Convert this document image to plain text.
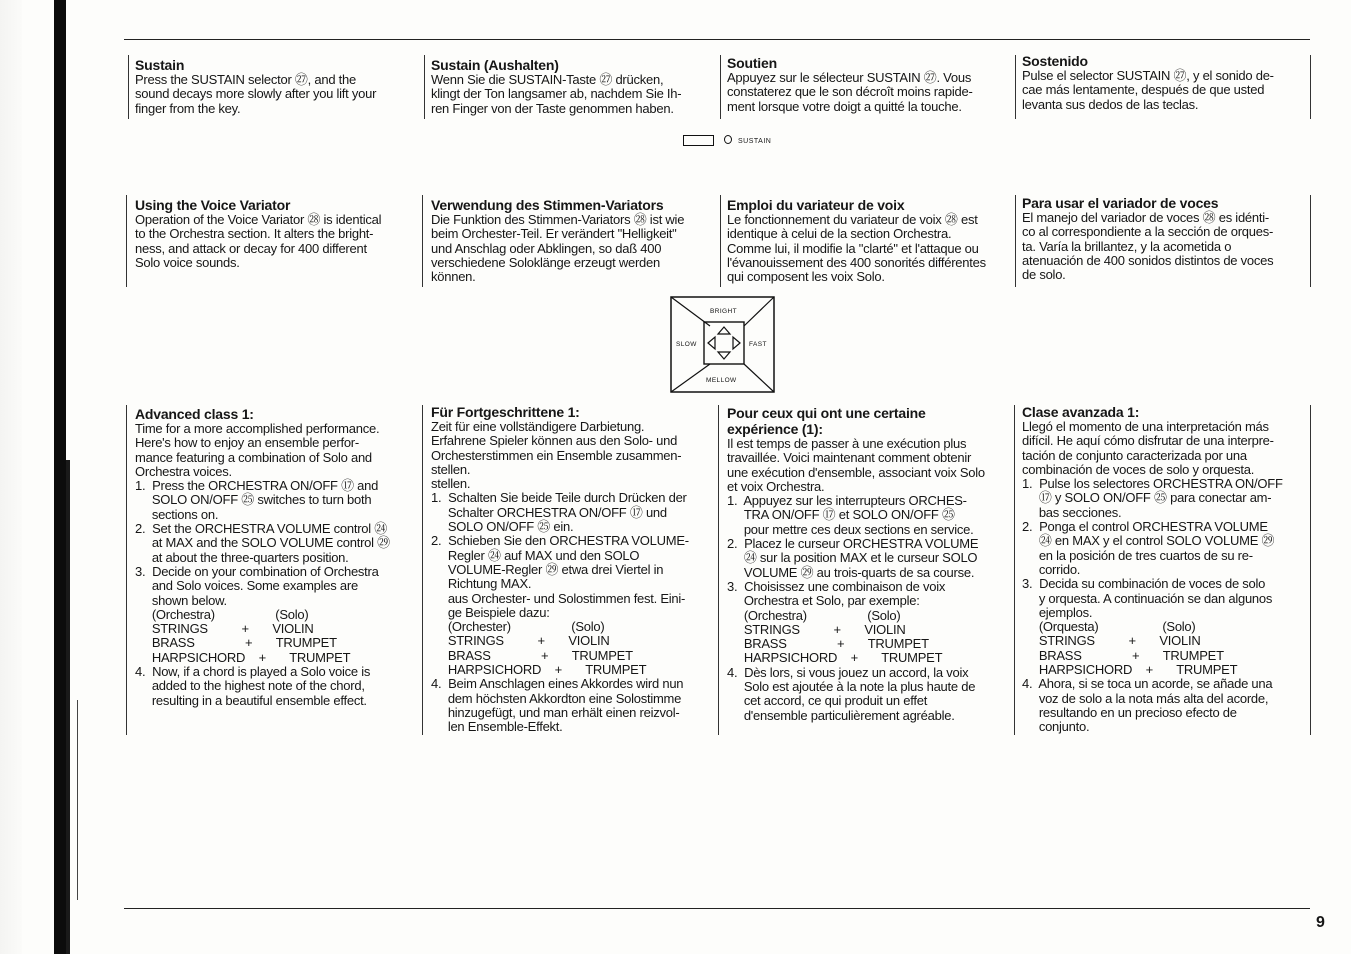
Sustain
Press the SUSTAIN selector ㉗, and the
sound decays more slowly after you lift your
finger from the key.
Sustain (Aushalten)
Wenn Sie die SUSTAIN-Taste ㉗ drücken,
klingt der Ton langsamer ab, nachdem Sie Ih-
ren Finger von der Taste genommen haben.
Soutien
Appuyez sur le sélecteur SUSTAIN ㉗. Vous
constaterez que le son décroît moins rapide-
ment lorsque votre doigt a quitté la touche.
Sostenido
Pulse el selector SUSTAIN ㉗, y el sonido de-
cae más lentamente, después de que usted
levanta sus dedos de las teclas.
SUSTAIN
Using the Voice Variator
Operation of the Voice Variator ㉘ is identical
to the Orchestra section. It alters the bright-
ness, and attack or decay for 400 different
Solo voice sounds.
Verwendung des Stimmen-Variators
Die Funktion des Stimmen-Variators ㉘ ist wie
beim Orchester-Teil. Er verändert "Helligkeit"
und Anschlag oder Abklingen, so daß 400
verschiedene Soloklänge erzeugt werden
können.
Emploi du variateur de voix
Le fonctionnement du variateur de voix ㉘ est
identique à celui de la section Orchestra.
Comme lui, il modifie la "clarté" et l'attaque ou
l'évanouissement des 400 sonorités différentes
qui composent les voix Solo.
Para usar el variador de voces
El manejo del variador de voces ㉘ es idénti-
co al correspondiente a la sección de orques-
ta. Varía la brillantez, y la acometida o
atenuación de 400 sonidos distintos de voces
de solo.
BRIGHT
SLOW	FAST
MELLOW
Advanced class 1:
Time for a more accomplished performance.
Here's how to enjoy an ensemble perfor-
mance featuring a combination of Solo and
Orchestra voices.
1.  Press the ORCHESTRA ON/OFF ⑰ and
SOLO ON/OFF ㉕ switches to turn both
sections on.
2.  Set the ORCHESTRA VOLUME control ㉔
at MAX and the SOLO VOLUME control ㉙
at about the three-quarters position.
3.  Decide on your combination of Orchestra
and Solo voices. Some examples are
shown below.
(Orchestra)                  (Solo)
STRINGS          +       VIOLIN
BRASS               +       TRUMPET
HARPSICHORD    +       TRUMPET
4.  Now, if a chord is played a Solo voice is
added to the highest note of the chord,
resulting in a beautiful ensemble effect.
Für Fortgeschrittene 1:
Zeit für eine vollständigere Darbietung.
Erfahrene Spieler können aus den Solo- und
Orchesterstimmen ein Ensemble zusammen-
stellen.
stellen.
1.  Schalten Sie beide Teile durch Drücken der
Schalter ORCHESTRA ON/OFF ⑰ und
SOLO ON/OFF ㉕ ein.
2.  Schieben Sie den ORCHESTRA VOLUME-
Regler ㉔ auf MAX und den SOLO
VOLUME-Regler ㉙ etwa drei Viertel in
Richtung MAX.
aus Orchester- und Solostimmen fest. Eini-
ge Beispiele dazu:
(Orchester)                  (Solo)
STRINGS          +       VIOLIN
BRASS               +       TRUMPET
HARPSICHORD    +       TRUMPET
4.  Beim Anschlagen eines Akkordes wird nun
dem höchsten Akkordton eine Solostimme
hinzugefügt, und man erhält einen reizvol-
len Ensemble-Effekt.
Pour ceux qui ont une certaine
expérience (1):
Il est temps de passer à une exécution plus
travaillée. Voici maintenant comment obtenir
une exécution d'ensemble, associant voix Solo
et voix Orchestra.
1.  Appuyez sur les interrupteurs ORCHES-
TRA ON/OFF ⑰ et SOLO ON/OFF ㉕
pour mettre ces deux sections en service.
2.  Placez le curseur ORCHESTRA VOLUME
㉔ sur la position MAX et le curseur SOLO
VOLUME ㉙ au trois-quarts de sa course.
3.  Choisissez une combinaison de voix
Orchestra et Solo, par exemple:
(Orchestra)                  (Solo)
STRINGS          +       VIOLIN
BRASS               +       TRUMPET
HARPSICHORD    +       TRUMPET
4.  Dès lors, si vous jouez un accord, la voix
Solo est ajoutée à la note la plus haute de
cet accord, ce qui produit un effet
d'ensemble particulièrement agréable.
Clase avanzada 1:
Llegó el momento de una interpretación más
difícil. He aquí cómo disfrutar de una interpre-
tación de conjunto caracterizada por una
combinación de voces de solo y orquesta.
1.  Pulse los selectores ORCHESTRA ON/OFF
⑰ y SOLO ON/OFF ㉕ para conectar am-
bas secciones.
2.  Ponga el control ORCHESTRA VOLUME
㉔ en MAX y el control SOLO VOLUME ㉙
en la posición de tres cuartos de su re-
corrido.
3.  Decida su combinación de voces de solo
y orquesta. A continuación se dan algunos
ejemplos.
(Orquesta)                   (Solo)
STRINGS          +       VIOLIN
BRASS               +       TRUMPET
HARPSICHORD    +       TRUMPET
4.  Ahora, si se toca un acorde, se añade una
voz de solo a la nota más alta del acorde,
resultando en un precioso efecto de
conjunto.
9
